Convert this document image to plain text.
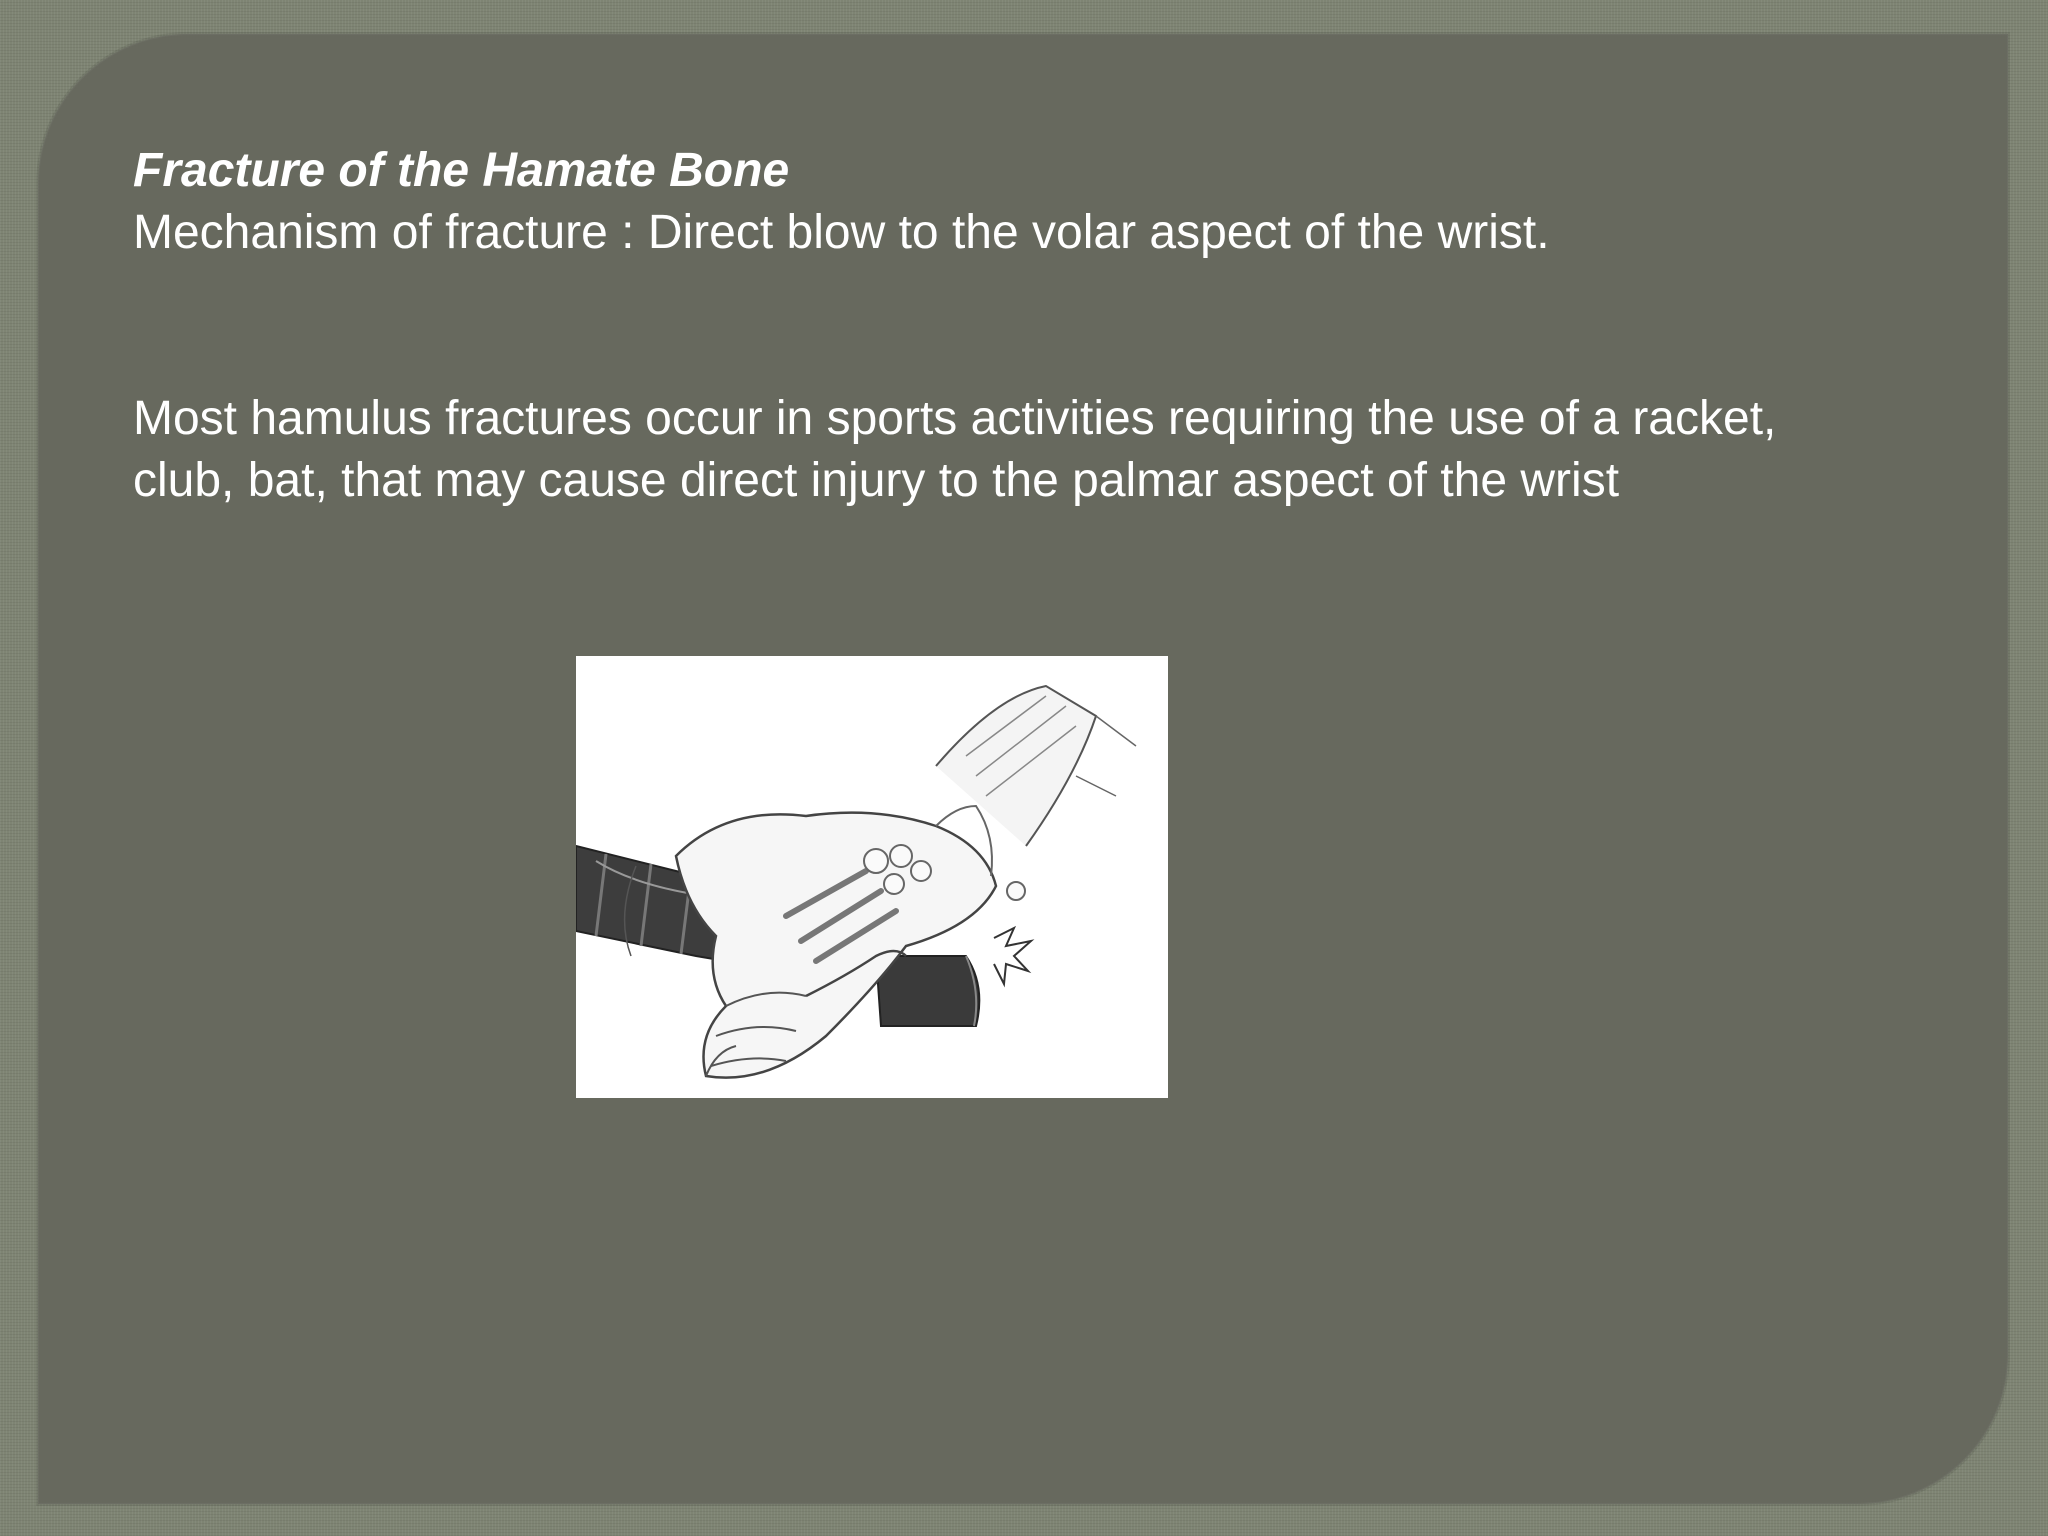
Fracture of the Hamate Bone
Mechanism of fracture : Direct blow to the volar aspect of the wrist.
Most hamulus fractures occur in sports activities requiring the use of a racket, club, bat, that may cause direct injury to the palmar aspect of the wrist
